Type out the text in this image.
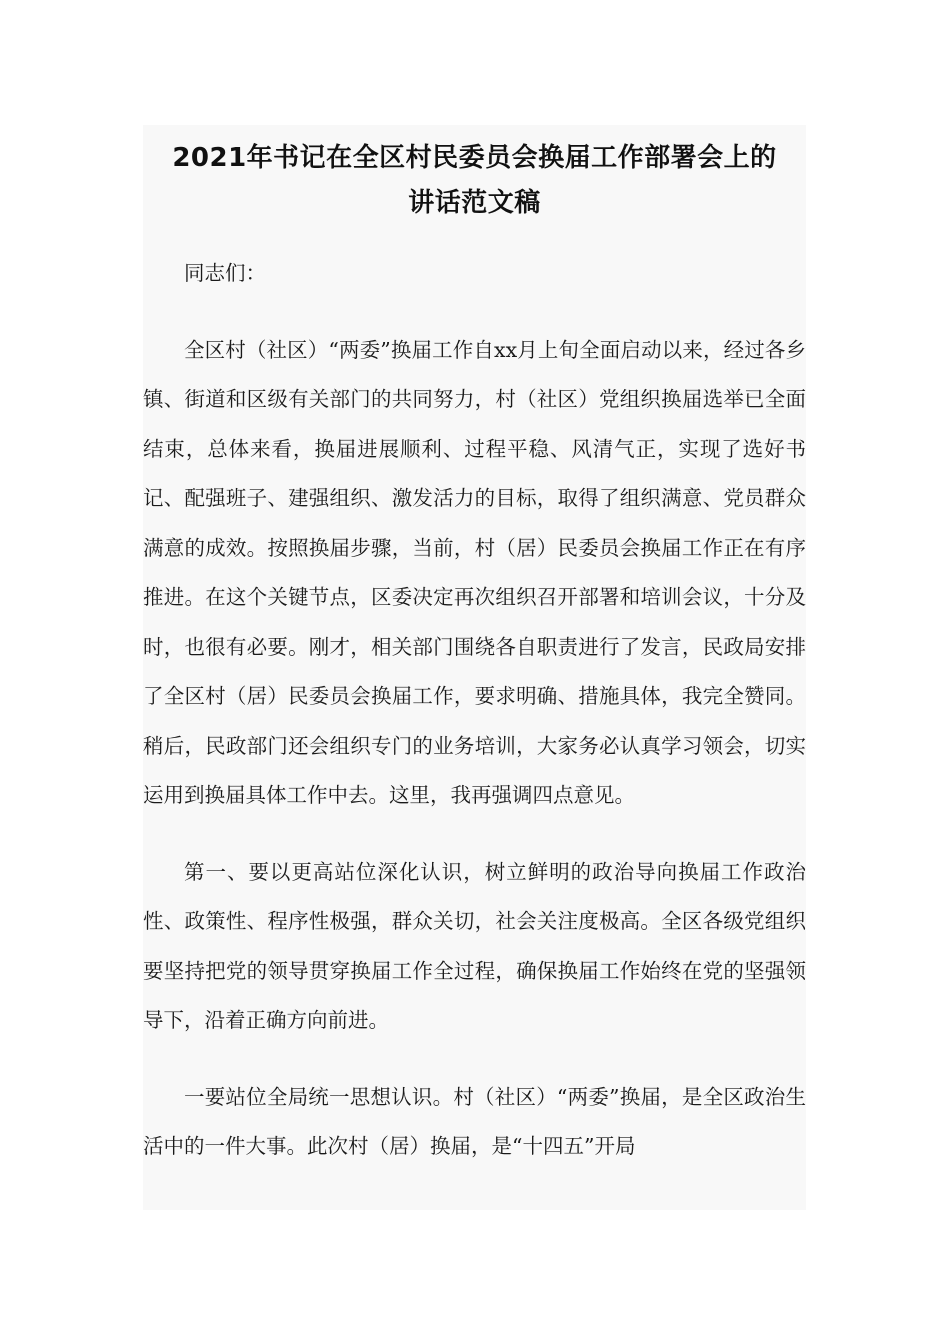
2021年书记在全区村民委员会换届工作部署会上的
讲话范文稿

同志们：

全区村（社区）“两委”换届工作自xx月上旬全面启动以来，经过各乡镇、街道和区级有关部门的共同努力，村（社区）党组织换届选举已全面结束，总体来看，换届进展顺利、过程平稳、风清气正，实现了选好书记、配强班子、建强组织、激发活力的目标，取得了组织满意、党员群众满意的成效。按照换届步骤，当前，村（居）民委员会换届工作正在有序推进。在这个关键节点，区委决定再次组织召开部署和培训会议，十分及时，也很有必要。刚才，相关部门围绕各自职责进行了发言，民政局安排了全区村（居）民委员会换届工作，要求明确、措施具体，我完全赞同。稍后，民政部门还会组织专门的业务培训，大家务必认真学习领会，切实运用到换届具体工作中去。这里，我再强调四点意见。

第一、要以更高站位深化认识，树立鲜明的政治导向换届工作政治性、政策性、程序性极强，群众关切，社会关注度极高。全区各级党组织要坚持把党的领导贯穿换届工作全过程，确保换届工作始终在党的坚强领导下，沿着正确方向前进。

一要站位全局统一思想认识。村（社区）“两委”换届，是全区政治生活中的一件大事。此次村（居）换届，是“十四五”开局
